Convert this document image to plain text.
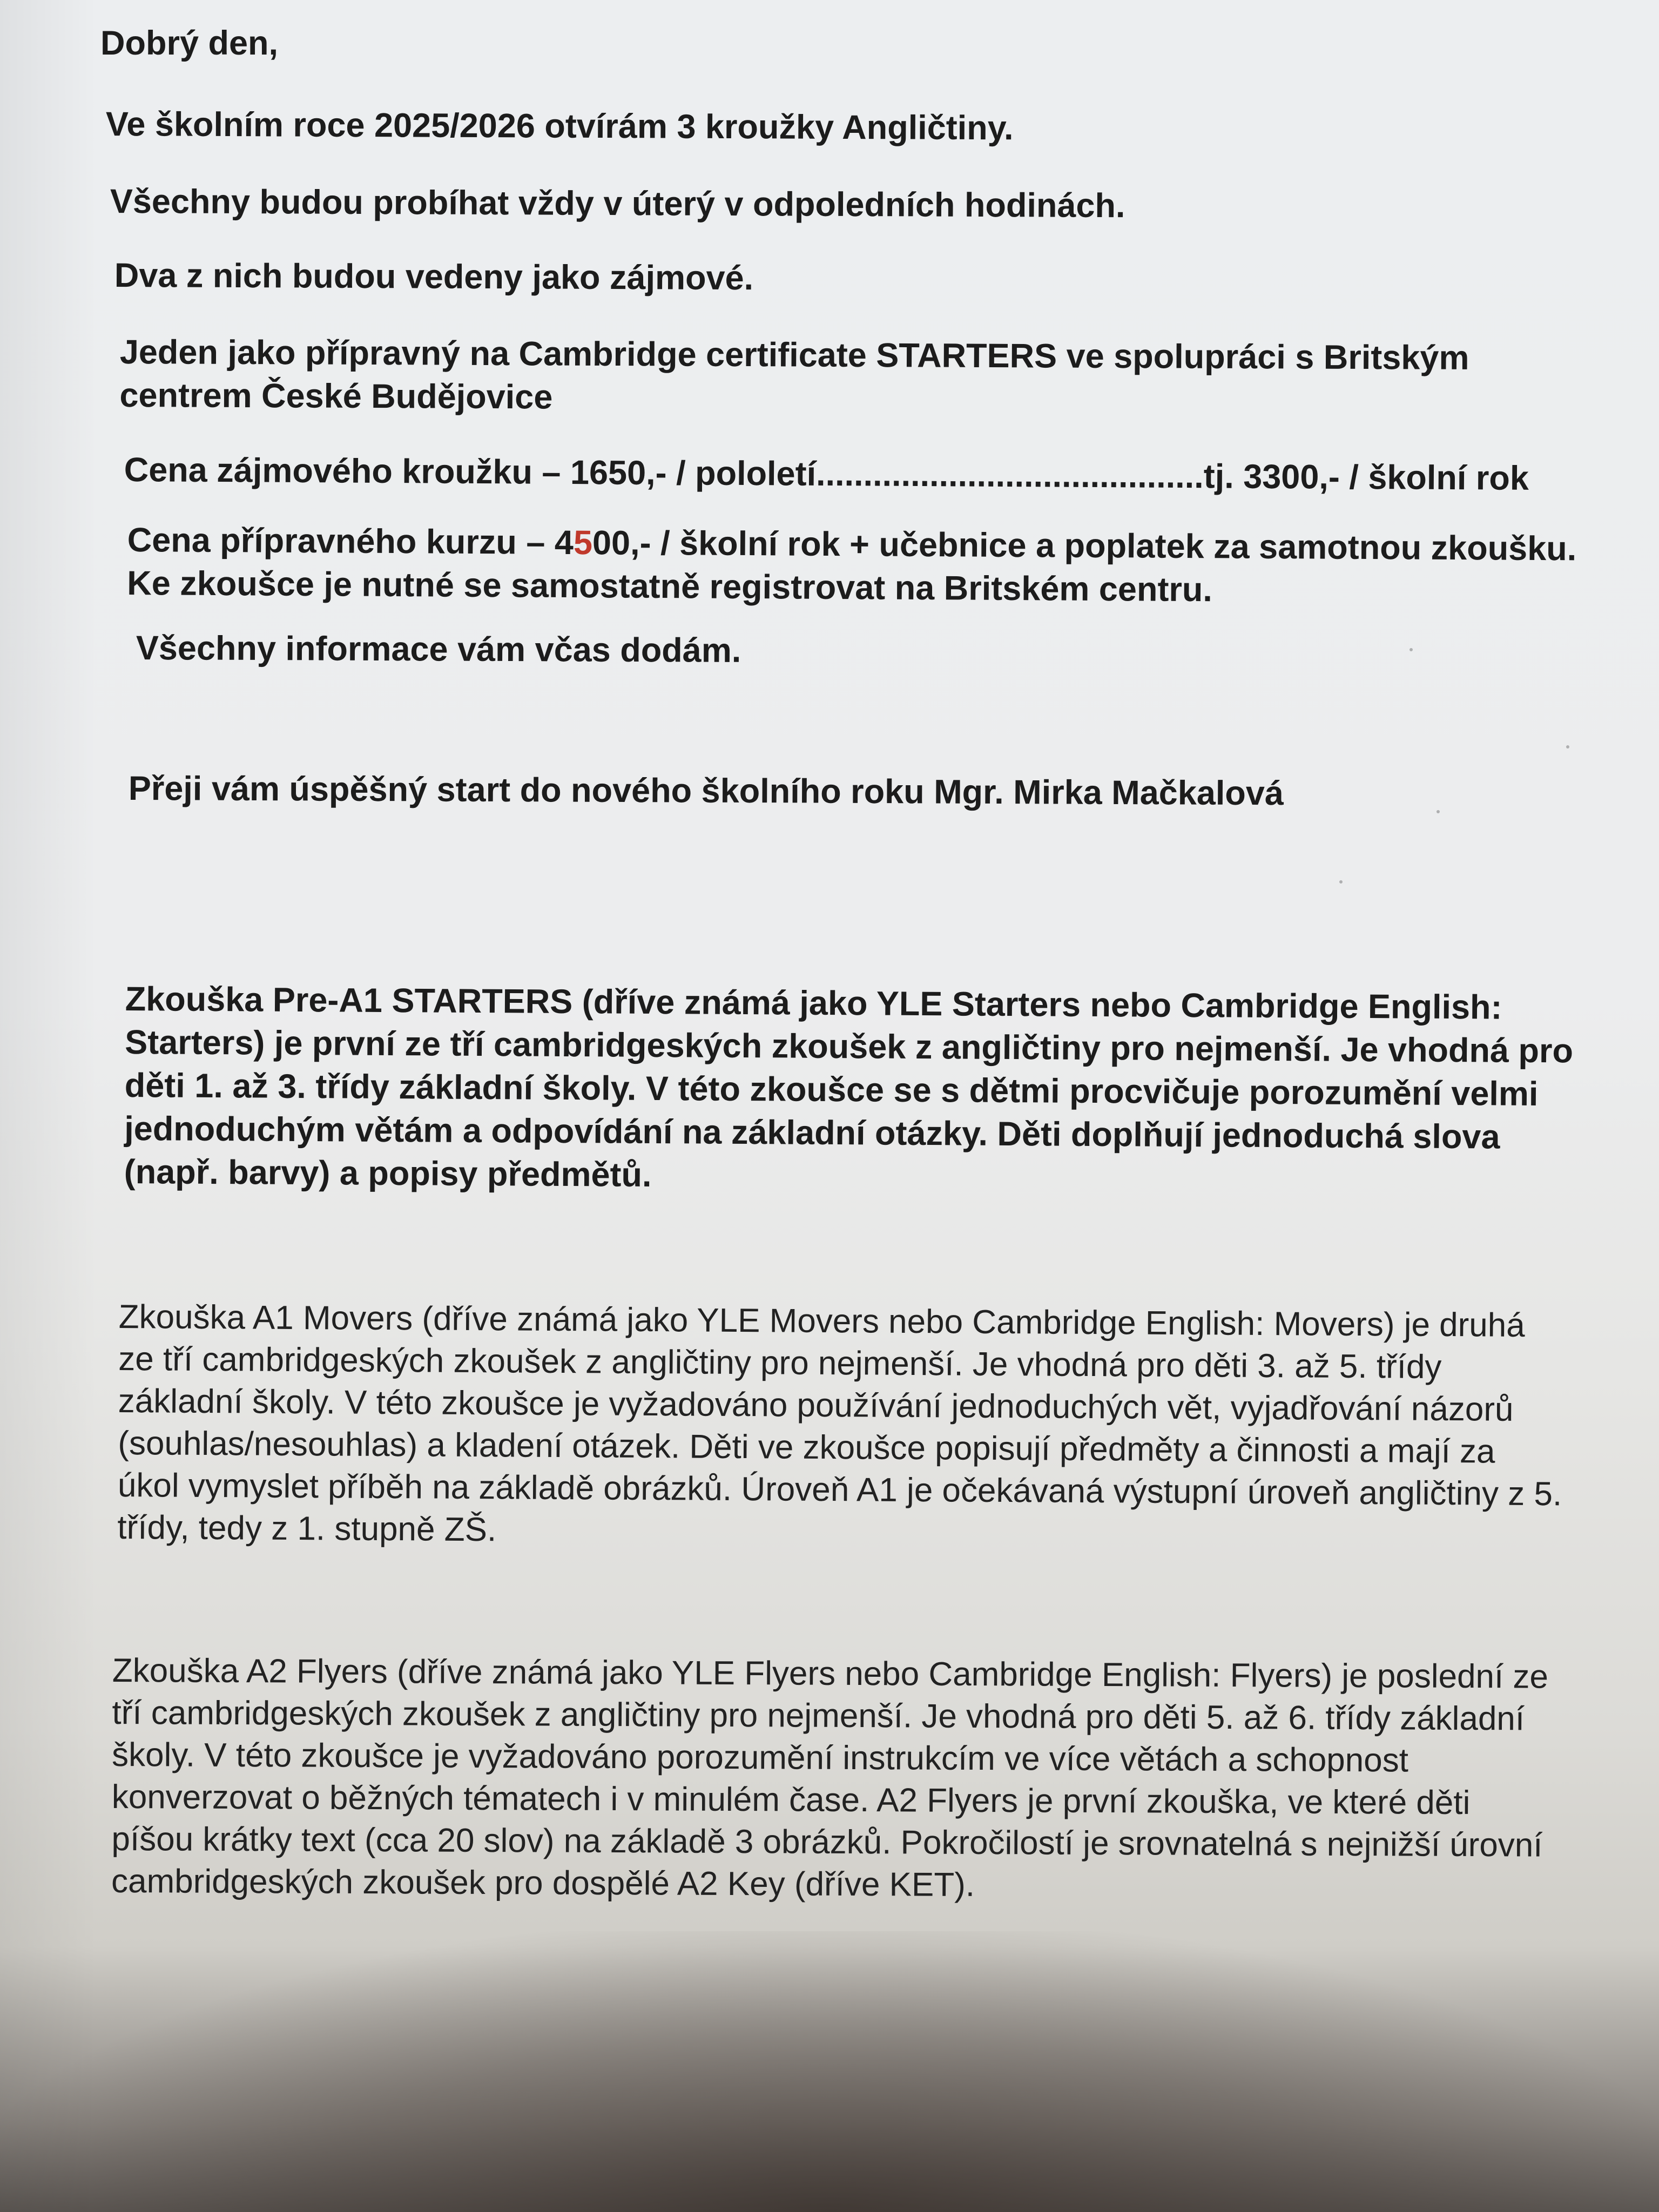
Dobrý den,

Ve školním roce 2025/2026 otvírám 3 kroužky Angličtiny.

Všechny budou probíhat vždy v úterý v odpoledních hodinách.

Dva z nich budou vedeny jako zájmové.

Jeden jako přípravný na Cambridge certificate STARTERS ve spolupráci s Britským
centrem České Budějovice

Cena zájmového kroužku – 1650,- / pololetí.........................................tj. 3300,- / školní rok

Cena přípravného kurzu – 4500,- / školní rok + učebnice a poplatek za samotnou zkoušku.
Ke zkoušce je nutné se samostatně registrovat na Britském centru.

Všechny informace vám včas dodám.

Přeji vám úspěšný start do nového školního roku Mgr. Mirka Mačkalová

Zkouška Pre-A1 STARTERS (dříve známá jako YLE Starters nebo Cambridge English:
Starters) je první ze tří cambridgeských zkoušek z angličtiny pro nejmenší. Je vhodná pro
děti 1. až 3. třídy základní školy. V této zkoušce se s dětmi procvičuje porozumění velmi
jednoduchým větám a odpovídání na základní otázky. Děti doplňují jednoduchá slova
(např. barvy) a popisy předmětů.
Zkouška A1 Movers (dříve známá jako YLE Movers nebo Cambridge English: Movers) je druhá
ze tří cambridgeských zkoušek z angličtiny pro nejmenší. Je vhodná pro děti 3. až 5. třídy
základní školy. V této zkoušce je vyžadováno používání jednoduchých vět, vyjadřování názorů
(souhlas/nesouhlas) a kladení otázek. Děti ve zkoušce popisují předměty a činnosti a mají za
úkol vymyslet příběh na základě obrázků. Úroveň A1 je očekávaná výstupní úroveň angličtiny z 5.
třídy, tedy z 1. stupně ZŠ.
Zkouška A2 Flyers (dříve známá jako YLE Flyers nebo Cambridge English: Flyers) je poslední ze
tří cambridgeských zkoušek z angličtiny pro nejmenší. Je vhodná pro děti 5. až 6. třídy základní
školy. V této zkoušce je vyžadováno porozumění instrukcím ve více větách a schopnost
konverzovat o běžných tématech i v minulém čase. A2 Flyers je první zkouška, ve které děti
píšou krátky text (cca 20 slov) na základě 3 obrázků. Pokročilostí je srovnatelná s nejnižší úrovní
cambridgeských zkoušek pro dospělé A2 Key (dříve KET).
